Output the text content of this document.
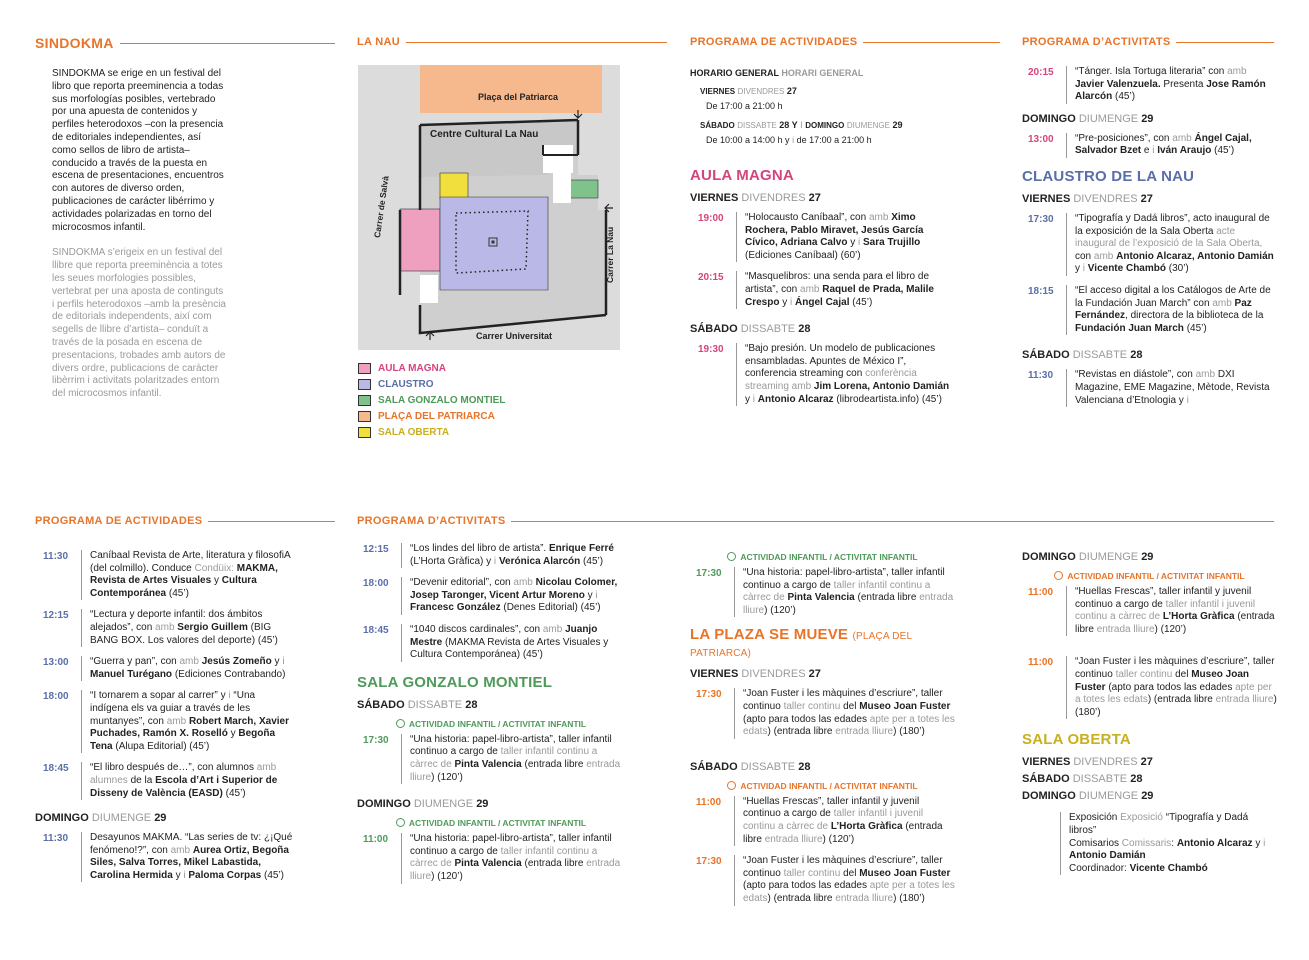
SINDOKMA	LA NAU	PROGRAMA DE ACTIVIDADES	PROGRAMA D’ACTIVITATS

SINDOKMA se erige en un festival del libro que reporta preeminencia a todas sus morfologías posibles, vertebrado por una apuesta de contenidos y perfiles heterodoxos –con la presencia de editoriales independientes, así como sellos de libro de artista– conducido a través de la puesta en escena de presentaciones, encuentros con autores de diverso orden, publicaciones de carácter libérrimo y actividades polarizadas en torno del microcosmos infantil.

SINDOKMA s’erigeix en un festival del llibre que reporta preeminència a totes les seues morfologies possibles, vertebrat per una aposta de continguts i perfils heterodoxos –amb la presència de editorials independents, així com segells de llibre d’artista– conduït a través de la posada en escena de presentacions, trobades amb autors de divers ordre, publicacions de caràcter libèrrim i activitats polaritzades entorn del microcosmos infantil.

Plaça del Patriarca
Centre Cultural La Nau
Carrer de Salvà
Carrer La Nau
Carrer Universitat
AULA MAGNA
CLAUSTRO
SALA GONZALO MONTIEL
PLAÇA DEL PATRIARCA
SALA OBERTA
HORARIO GENERAL HORARI GENERAL
VIERNES DIVENDRES 27
De 17:00 a 21:00 h
SÁBADO DISSABTE 28 Y I DOMINGO DIUMENGE 29
De 10:00 a 14:00 h y i de 17:00 a 21:00 h
AULA MAGNA
VIERNES DIVENDRES 27
19:00	“Holocausto Caníbaal”, con amb Ximo Rochera, Pablo Miravet, Jesús García Cívico, Adriana Calvo y i Sara Trujillo (Ediciones Caníbaal) (60’)
20:15	“Masquelibros: una senda para el libro de artista”, con amb Raquel de Prada, Malile Crespo y i Ángel Cajal (45’)
SÁBADO DISSABTE 28
19:30	“Bajo presión. Un modelo de publicaciones ensambladas. Apuntes de México I”, conferencia streaming con conferència streaming amb Jim Lorena, Antonio Damián y i Antonio Alcaraz (librodeartista.info) (45’)
20:15	“Tánger. Isla Tortuga literaria” con amb Javier Valenzuela. Presenta Jose Ramón Alarcón (45’)
DOMINGO DIUMENGE 29
13:00	“Pre-posiciones”, con amb Ángel Cajal, Salvador Bzet e i Iván Araujo (45’)
CLAUSTRO DE LA NAU
VIERNES DIVENDRES 27
17:30	“Tipografía y Dadá libros”, acto inaugural de la exposición de la Sala Oberta acte inaugural de l’exposició de la Sala Oberta, con amb Antonio Alcaraz, Antonio Damián y i Vicente Chambó (30’)
18:15	“El acceso digital a los Catálogos de Arte de la Fundación Juan March” con amb Paz Fernández, directora de la biblioteca de la Fundación Juan March (45’)
SÁBADO DISSABTE 28
11:30	“Revistas en diástole”, con amb DXI Magazine, EME Magazine, Mètode, Revista Valenciana d’Etnologia y i
PROGRAMA DE ACTIVIDADES	PROGRAMA D’ACTIVITATS
11:30	Caníbaal Revista de Arte, literatura y filosofiA (del colmillo). Conduce Condüix: MAKMA, Revista de Artes Visuales y Cultura Contemporánea (45’)
12:15	“Lectura y deporte infantil: dos ámbitos alejados”, con amb Sergio Guillem (BIG BANG BOX. Los valores del deporte) (45’)
13:00	“Guerra y pan”, con amb Jesús Zomeño y i Manuel Turégano (Ediciones Contrabando)
18:00	“I tornarem a sopar al carrer” y i “Una indígena els va guiar a través de les muntanyes”, con amb Robert March, Xavier Puchades, Ramón X. Roselló y Begoña Tena (Alupa Editorial) (45’)
18:45	“El libro después de…”, con alumnos amb alumnes de la Escola d’Art i Superior de Disseny de València (EASD) (45’)
DOMINGO DIUMENGE 29
11:30	Desayunos MAKMA. “Las series de tv: ¿¡Qué fenómeno!?”, con amb Aurea Ortiz, Begoña Siles, Salva Torres, Mikel Labastida, Carolina Hermida y i Paloma Corpas (45’)
12:15	“Los lindes del libro de artista”. Enrique Ferré (L’Horta Gràfica) y i Verónica Alarcón (45’)
18:00	“Devenir editorial”, con amb Nicolau Colomer, Josep Taronger, Vicent Artur Moreno y i Francesc González (Denes Editorial) (45’)
18:45	“1040 discos cardinales”, con amb Juanjo Mestre (MAKMA Revista de Artes Visuales y Cultura Contemporánea) (45’)
SALA GONZALO MONTIEL
SÁBADO DISSABTE 28
ACTIVIDAD INFANTIL / ACTIVITAT INFANTIL
17:30	“Una historia: papel-libro-artista”, taller infantil continuo a cargo de taller infantil continu a càrrec de Pinta Valencia (entrada libre entrada lliure) (120’)
DOMINGO DIUMENGE 29
ACTIVIDAD INFANTIL / ACTIVITAT INFANTIL
11:00	“Una historia: papel-libro-artista”, taller infantil continuo a cargo de taller infantil continu a càrrec de Pinta Valencia (entrada libre entrada lliure) (120’)
ACTIVIDAD INFANTIL / ACTIVITAT INFANTIL
17:30	“Una historia: papel-libro-artista”, taller infantil continuo a cargo de taller infantil continu a càrrec de Pinta Valencia (entrada libre entrada lliure) (120’)
LA PLAZA SE MUEVE (PLAÇA DEL PATRIARCA)
VIERNES DIVENDRES 27
17:30	“Joan Fuster i les màquines d’escriure”, taller continuo taller continu del Museo Joan Fuster (apto para todos las edades apte per a totes les edats) (entrada libre entrada lliure) (180’)
SÁBADO DISSABTE 28
ACTIVIDAD INFANTIL / ACTIVITAT INFANTIL
11:00	“Huellas Frescas”, taller infantil y juvenil continuo a cargo de taller infantil i juvenil continu a càrrec de L’Horta Gràfica (entrada libre entrada lliure) (120’)
17:30	“Joan Fuster i les màquines d’escriure”, taller continuo taller continu del Museo Joan Fuster (apto para todos las edades apte per a totes les edats) (entrada libre entrada lliure) (180’)
DOMINGO DIUMENGE 29
ACTIVIDAD INFANTIL / ACTIVITAT INFANTIL
11:00	“Huellas Frescas”, taller infantil y juvenil continuo a cargo de taller infantil i juvenil continu a càrrec de L’Horta Gràfica (entrada libre entrada lliure) (120’)
11:00	“Joan Fuster i les màquines d’escriure”, taller continuo taller continu del Museo Joan Fuster (apto para todos las edades apte per a totes les edats) (entrada libre entrada lliure) (180’)
SALA OBERTA
VIERNES DIVENDRES 27
SÁBADO DISSABTE 28
DOMINGO DIUMENGE 29
Exposición Exposició “Tipografía y Dadá libros”
Comisarios Comissaris: Antonio Alcaraz y i Antonio Damián
Coordinador: Vicente Chambó
